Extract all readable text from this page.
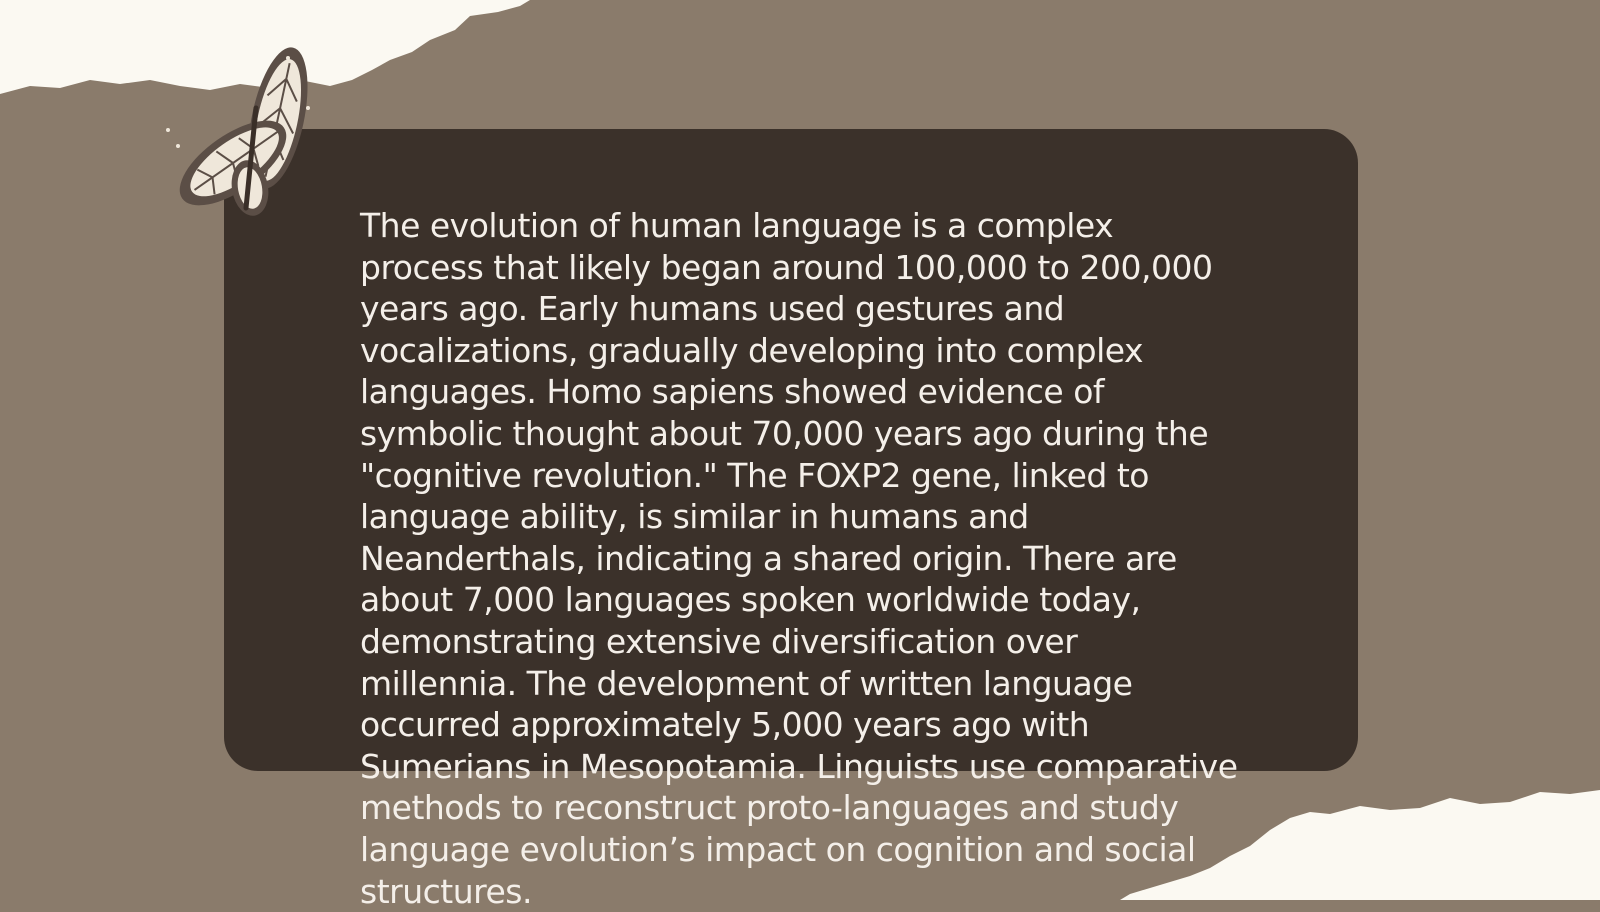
The evolution of human language is a complex process that likely began around 100,000 to 200,000 years ago. Early humans used gestures and vocalizations, gradually developing into complex languages. Homo sapiens showed evidence of symbolic thought about 70,000 years ago during the "cognitive revolution." The FOXP2 gene, linked to language ability, is similar in humans and Neanderthals, indicating a shared origin. There are about 7,000 languages spoken worldwide today, demonstrating extensive diversification over millennia. The development of written language occurred approximately 5,000 years ago with Sumerians in Mesopotamia. Linguists use comparative methods to reconstruct proto-languages and study language evolution’s impact on cognition and social structures.
